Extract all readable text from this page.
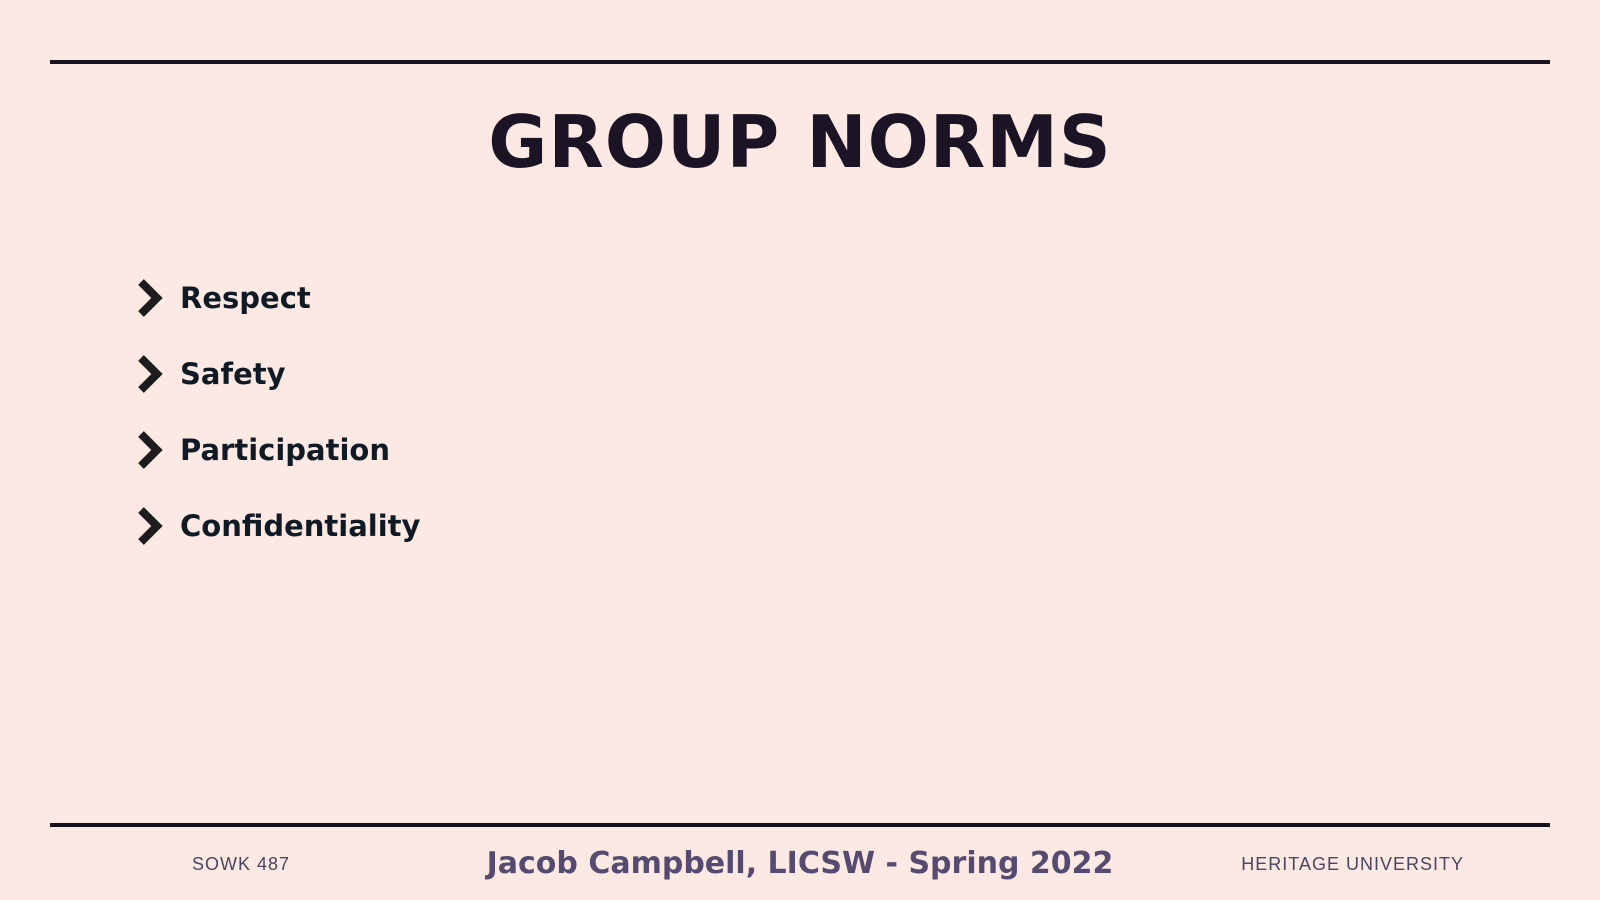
GROUP NORMS
Respect
Safety
Participation
Confidentiality
SOWK 487	Jacob Campbell, LICSW - Spring 2022	HERITAGE UNIVERSITY
